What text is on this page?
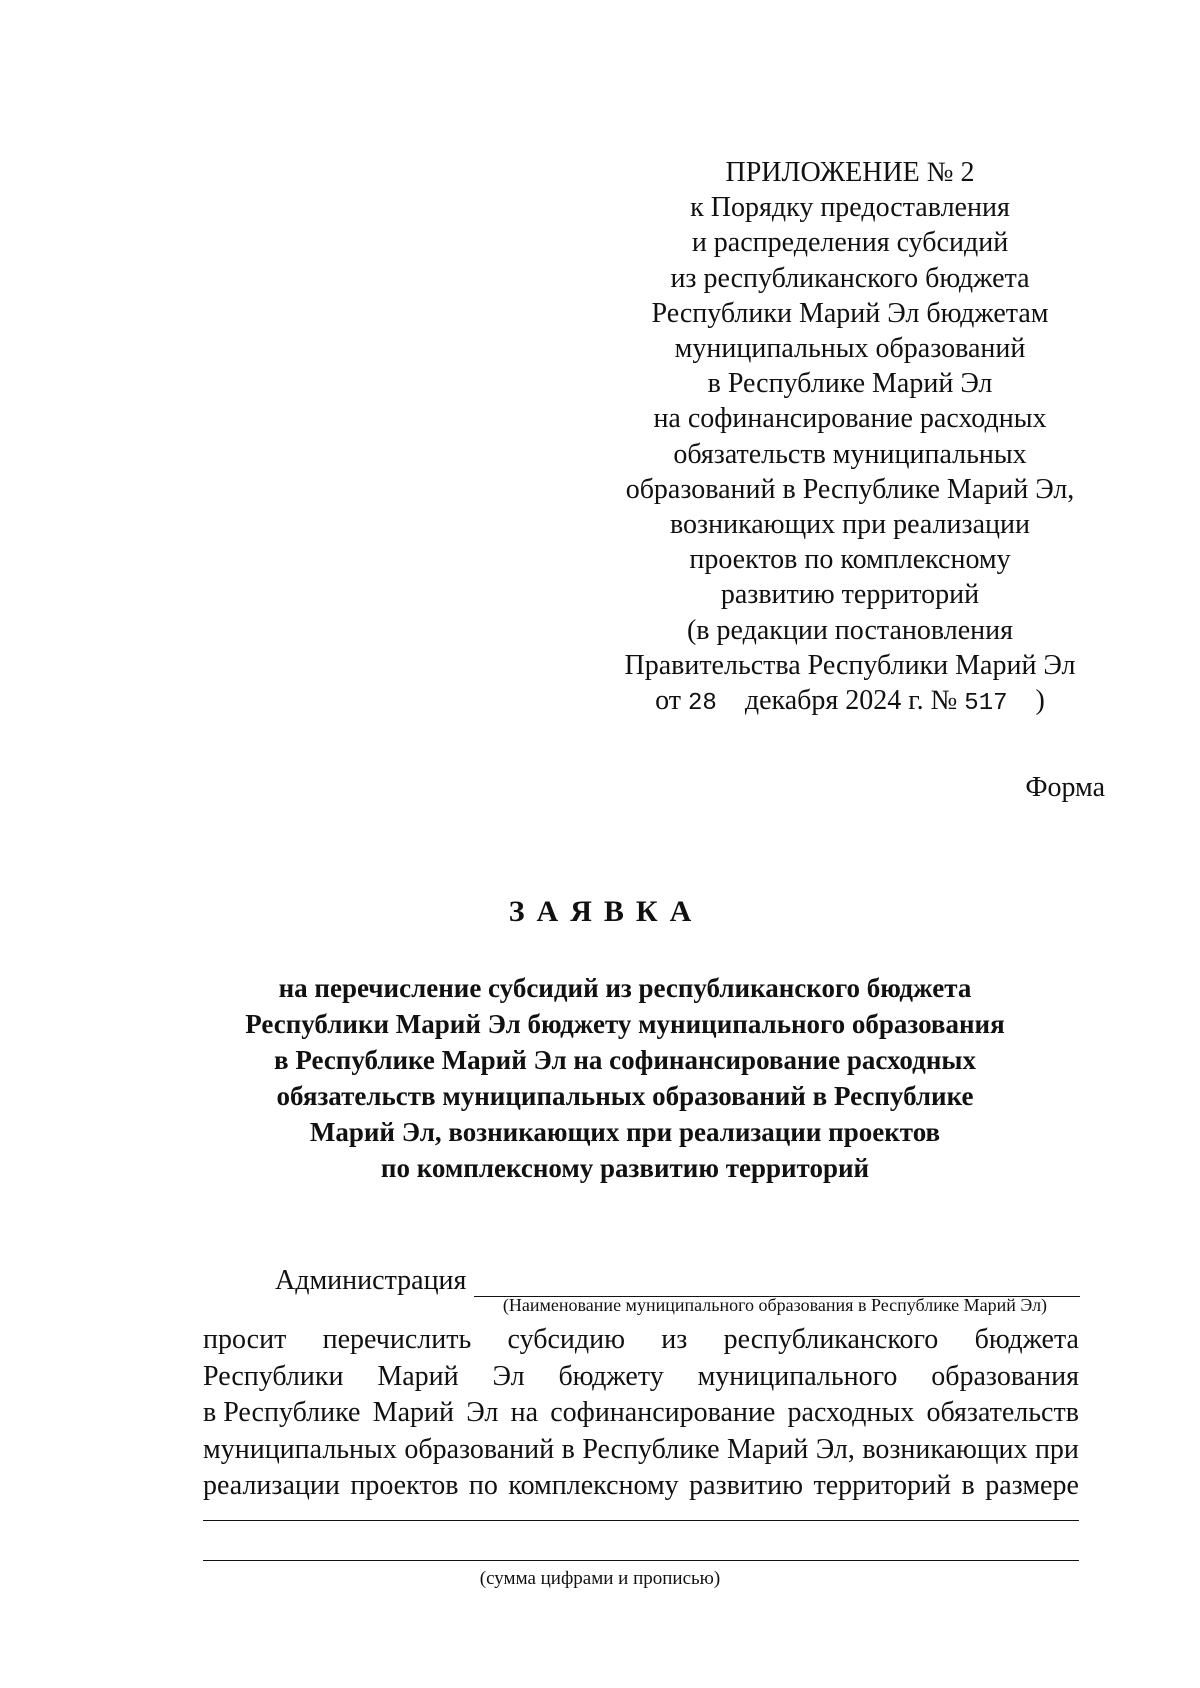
ПРИЛОЖЕНИЕ № 2
к Порядку предоставления
и распределения субсидий
из республиканского бюджета
Республики Марий Эл бюджетам
муниципальных образований
в Республике Марий Эл
на софинансирование расходных
обязательств муниципальных
образований в Республике Марий Эл,
возникающих при реализации
проектов по комплексному
развитию территорий
(в редакции постановления
Правительства Республики Марий Эл
от 28 декабря 2024 г. № 517 )
Форма
ЗАЯВКА
на перечисление субсидий из республиканского бюджета
Республики Марий Эл бюджету муниципального образования
в Республике Марий Эл на софинансирование расходных
обязательств муниципальных образований в Республике
Марий Эл, возникающих при реализации проектов
по комплексному развитию территорий
Администрация
(Наименование муниципального образования в Республике Марий Эл)
просит перечислить субсидию из республиканского бюджета
Республики Марий Эл бюджету муниципального образования
в Республике Марий Эл на софинансирование расходных обязательств
муниципальных образований в Республике Марий Эл, возникающих при
реализации проектов по комплексному развитию территорий в размере
(сумма цифрами и прописью)
